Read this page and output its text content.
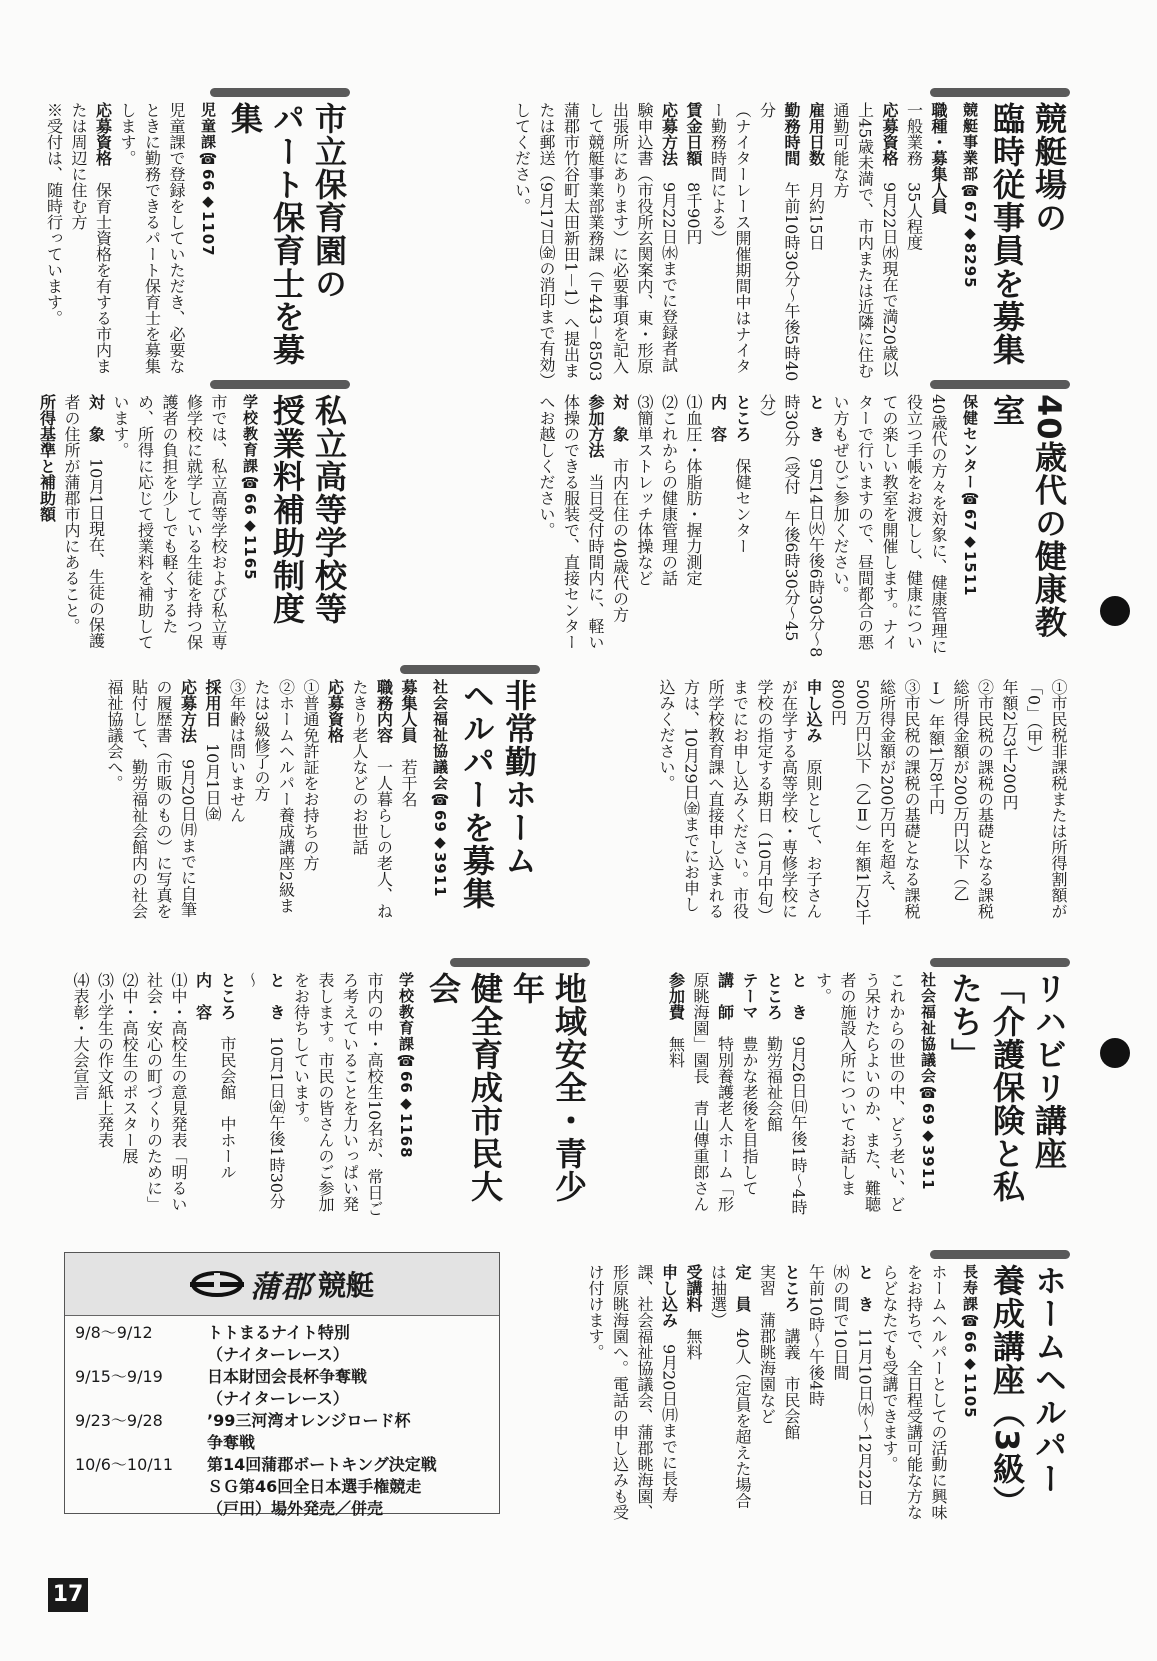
競艇場の
臨時従事員を募集
競艇事業部☎67◆8295

職種・募集人員

一般業務　35人程度

応募資格　9月22日㈬現在で満20歳以上45歳未満で、市内または近隣に住む通勤可能な方

雇用日数　月約15日

勤務時間　午前10時30分～午後5時40分

（ナイターレース開催期間中はナイター勤務時間による）

賃金日額　8千90円

応募方法　9月22日㈬までに登録者試験申込書（市役所玄関案内、東・形原出張所にあります）に必要事項を記入して競艇事業部業務課（〒443－8503蒲郡市竹谷町太田新田1－1）へ提出または郵送（9月17日㈮の消印まで有効）してください。

市立保育園の
パート保育士を募集
児童課☎66◆1107

児童課で登録をしていただき、必要なときに勤務できるパート保育士を募集します。

応募資格　保育士資格を有する市内または周辺に住む方

※受付は、随時行っています。

40歳代の健康教室
保健センター☎67◆1511

40歳代の方々を対象に、健康管理に役立つ手帳をお渡しし、健康についての楽しい教室を開催します。ナイターで行いますので、昼間都合の悪い方もぜひご参加ください。

と　き　9月14日㈫午後6時30分～8時30分（受付　午後6時30分～45分）

ところ　保健センター

内　容

⑴血圧・体脂肪・握力測定

⑵これからの健康管理の話

⑶簡単ストレッチ体操など

対　象　市内在住の40歳代の方

参加方法　当日受付時間内に、軽い体操のできる服装で、直接センターへお越しください。

私立高等学校等
授業料補助制度
学校教育課☎66◆1165

市では、私立高等学校および私立専修学校に就学している生徒を持つ保護者の負担を少しでも軽くするため、所得に応じて授業料を補助しています。

対　象　10月1日現在、生徒の保護者の住所が蒲郡市内にあること。

所得基準と補助額

①市民税非課税または所得割額が「0」（甲）

年額2万3千200円

②市民税の課税の基礎となる課税総所得金額が200万円以下（乙Ⅰ）年額1万8千円

③市民税の課税の基礎となる課税総所得金額が200万円を超え、500万円以下（乙Ⅱ）年額1万2千800円

申し込み　原則として、お子さんが在学する高等学校・専修学校に学校の指定する期日（10月中旬）までにお申し込みください。市役所学校教育課へ直接申し込まれる方は、10月29日㈮までにお申し込みください。

非常勤ホーム
ヘルパーを募集
社会福祉協議会☎69◆3911

募集人員　若干名

職務内容　一人暮らしの老人、ねたきり老人などのお世話

応募資格

①普通免許証をお持ちの方

②ホームヘルパー養成講座2級または3級修了の方

③年齢は問いません

採用日　10月1日㈮

応募方法　9月20日㈪までに自筆の履歴書（市販のもの）に写真を貼付して、勤労福祉会館内の社会福祉協議会へ。

リハビリ講座
「介護保険と私たち」
社会福祉協議会☎69◆3911

これからの世の中、どう老い、どう呆けたらよいのか、また、難聴者の施設入所についてお話します。

と　き　9月26日㈰午後1時～4時

ところ　勤労福祉会館

テーマ　豊かな老後を目指して

講　師　特別養護老人ホーム「形原眺海園」園長　青山傳重郎さん

参加費　無料

地域安全・青少年
健全育成市民大会
学校教育課☎66◆1168

市内の中・高校生10名が、常日ごろ考えていることを力いっぱい発表します。市民の皆さんのご参加をお待ちしています。

と　き　10月1日㈮午後1時30分～

ところ　市民会館　中ホール

内　容

⑴中・高校生の意見発表「明るい社会・安心の町づくりのために」

⑵中・高校生のポスター展

⑶小学生の作文紙上発表

⑷表彰・大会宣言

ホームヘルパー
養成講座（3級）
長寿課☎66◆1105

ホームヘルパーとしての活動に興味をお持ちで、全日程受講可能な方ならどなたでも受講できます。

と　き　11月10日㈬～12月22日㈬の間で10日間

午前10時～午後4時

ところ　講義　市民会館

実習　蒲郡眺海園など

定　員　40人（定員を超えた場合は抽選）

受講料　無料

申し込み　9月20日㈪までに長寿課、社会福祉協議会、蒲郡眺海園、形原眺海園へ。電話の申し込みも受け付けます。

蒲郡 競艇
9/8～9/12	トトまるナイト特別
（ナイターレース）
9/15～9/19	日本財団会長杯争奪戦
（ナイターレース）
9/23～9/28	’99三河湾オレンジロード杯
争奪戦
10/6～10/11	第14回蒲郡ボートキング決定戦
ＳＧ第46回全日本選手権競走
（戸田）場外発売／併売
17
